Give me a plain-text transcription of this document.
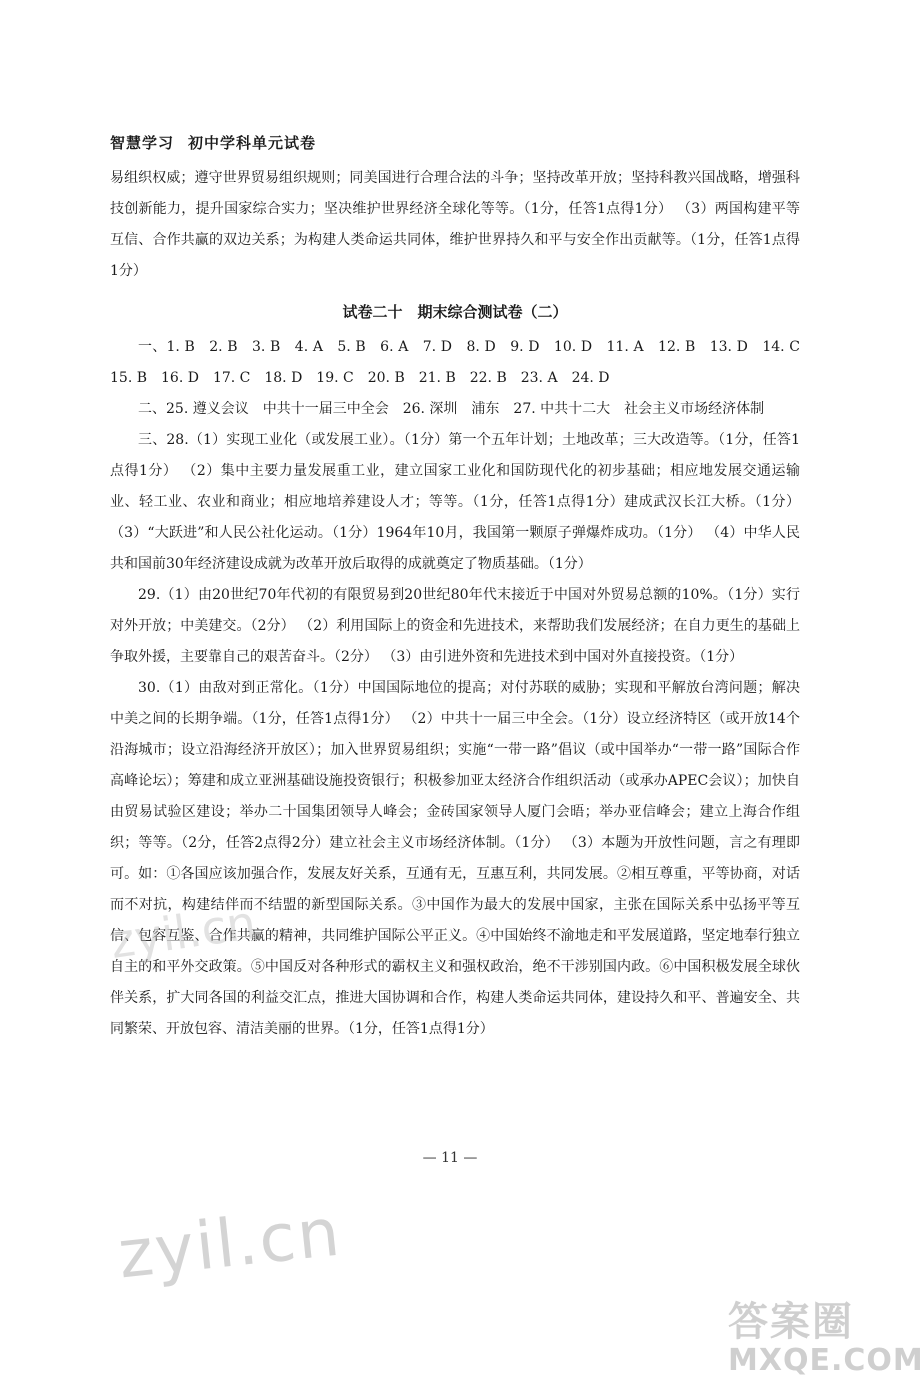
智慧学习 初中学科单元试卷

易组织权威；遵守世界贸易组织规则；同美国进行合理合法的斗争；坚持改革开放；坚持科教兴国战略，增强科技创新能力，提升国家综合实力；坚决维护世界经济全球化等等。（1分，任答1点得1分） （3）两国构建平等互信、合作共赢的双边关系；为构建人类命运共同体，维护世界持久和平与安全作出贡献等。（1分，任答1点得1分）

试卷二十　期末综合测试卷（二）

一、1. B　2. B　3. B　4. A　5. B　6. A　7. D　8. D　9. D　10. D　11. A　12. B　13. D　14. C　15. B　16. D　17. C　18. D　19. C　20. B　21. B　22. B　23. A　24. D

二、25. 遵义会议　中共十一届三中全会　26. 深圳　浦东　27. 中共十二大　社会主义市场经济体制

三、28.（1）实现工业化（或发展工业）。（1分）第一个五年计划；土地改革；三大改造等。（1分，任答1点得1分） （2）集中主要力量发展重工业，建立国家工业化和国防现代化的初步基础；相应地发展交通运输业、轻工业、农业和商业；相应地培养建设人才；等等。（1分，任答1点得1分）建成武汉长江大桥。（1分） （3）“大跃进”和人民公社化运动。（1分）1964年10月，我国第一颗原子弹爆炸成功。（1分） （4）中华人民共和国前30年经济建设成就为改革开放后取得的成就奠定了物质基础。（1分）

29.（1）由20世纪70年代初的有限贸易到20世纪80年代末接近于中国对外贸易总额的10%。（1分）实行对外开放；中美建交。（2分） （2）利用国际上的资金和先进技术，来帮助我们发展经济；在自力更生的基础上争取外援，主要靠自己的艰苦奋斗。（2分） （3）由引进外资和先进技术到中国对外直接投资。（1分）

30.（1）由敌对到正常化。（1分）中国国际地位的提高；对付苏联的威胁；实现和平解放台湾问题；解决中美之间的长期争端。（1分，任答1点得1分） （2）中共十一届三中全会。（1分）设立经济特区（或开放14个沿海城市；设立沿海经济开放区）；加入世界贸易组织；实施“一带一路”倡议（或中国举办“一带一路”国际合作高峰论坛）；筹建和成立亚洲基础设施投资银行；积极参加亚太经济合作组织活动（或承办APEC会议）；加快自由贸易试验区建设；举办二十国集团领导人峰会；金砖国家领导人厦门会晤；举办亚信峰会；建立上海合作组织；等等。（2分，任答2点得2分）建立社会主义市场经济体制。（1分） （3）本题为开放性问题，言之有理即可。如：①各国应该加强合作，发展友好关系，互通有无，互惠互利，共同发展。②相互尊重，平等协商，对话而不对抗，构建结伴而不结盟的新型国际关系。③中国作为最大的发展中国家，主张在国际关系中弘扬平等互信、包容互鉴、合作共赢的精神，共同维护国际公平正义。④中国始终不渝地走和平发展道路，坚定地奉行独立自主的和平外交政策。⑤中国反对各种形式的霸权主义和强权政治，绝不干涉别国内政。⑥中国积极发展全球伙伴关系，扩大同各国的利益交汇点，推进大国协调和合作，构建人类命运共同体，建设持久和平、普遍安全、共同繁荣、开放包容、清洁美丽的世界。（1分，任答1点得1分）

zyil.cn
— 11 —
zyil.cn
答案圈
MXQE.COM
